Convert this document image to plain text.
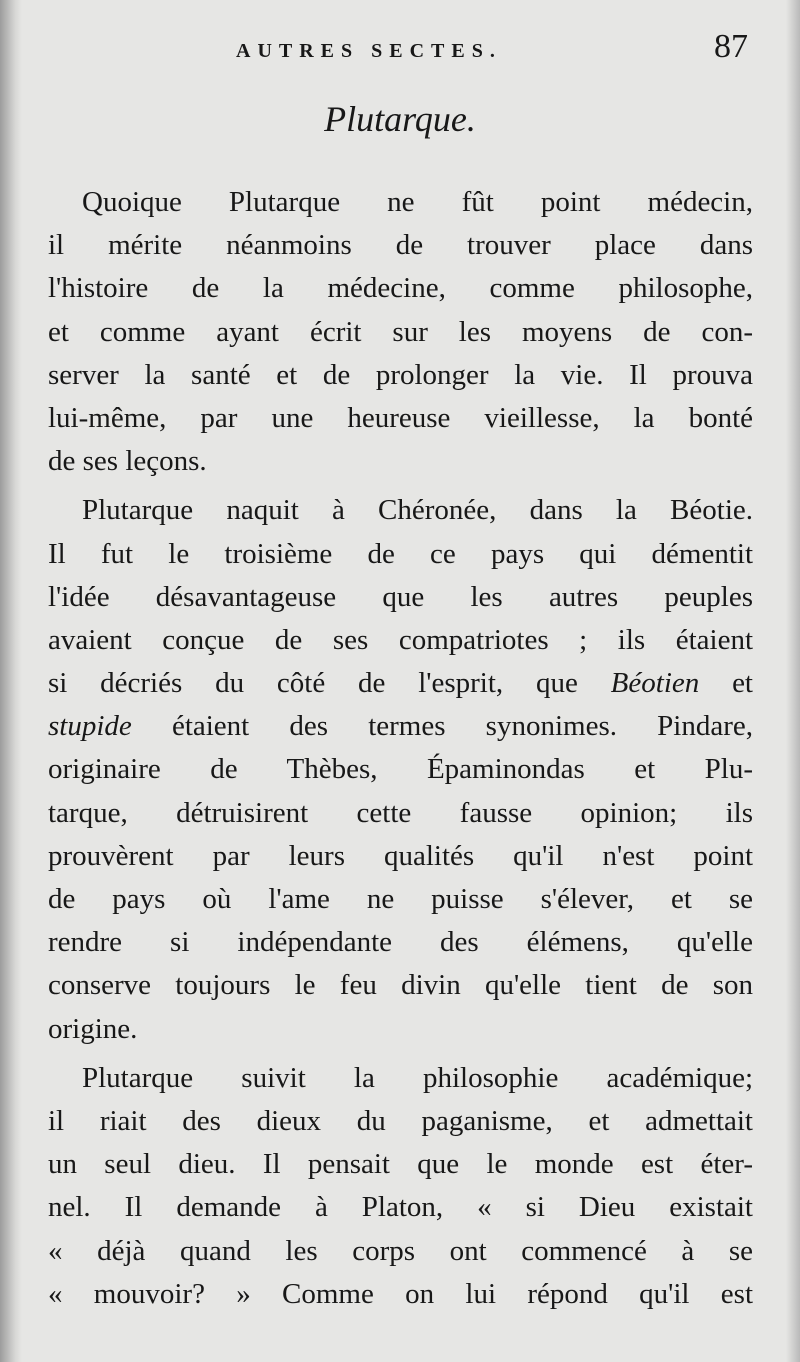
AUTRES SECTES.	87
Plutarque.

Quoique Plutarque ne fût point médecin,
il mérite néanmoins de trouver place dans
l'histoire de la médecine, comme philosophe,
et comme ayant écrit sur les moyens de con-
server la santé et de prolonger la vie. Il prouva
lui-même, par une heureuse vieillesse, la bonté
de ses leçons.

Plutarque naquit à Chéronée, dans la Béotie.
Il fut le troisième de ce pays qui démentit
l'idée désavantageuse que les autres peuples
avaient conçue de ses compatriotes ; ils étaient
si décriés du côté de l'esprit, que Béotien et
stupide étaient des termes synonimes. Pindare,
originaire de Thèbes, Épaminondas et Plu-
tarque, détruisirent cette fausse opinion; ils
prouvèrent par leurs qualités qu'il n'est point
de pays où l'ame ne puisse s'élever, et se
rendre si indépendante des élémens, qu'elle
conserve toujours le feu divin qu'elle tient de son
origine.

Plutarque suivit la philosophie académique;
il riait des dieux du paganisme, et admettait
un seul dieu. Il pensait que le monde est éter-
nel. Il demande à Platon, « si Dieu existait
« déjà quand les corps ont commencé à se
« mouvoir? » Comme on lui répond qu'il est
